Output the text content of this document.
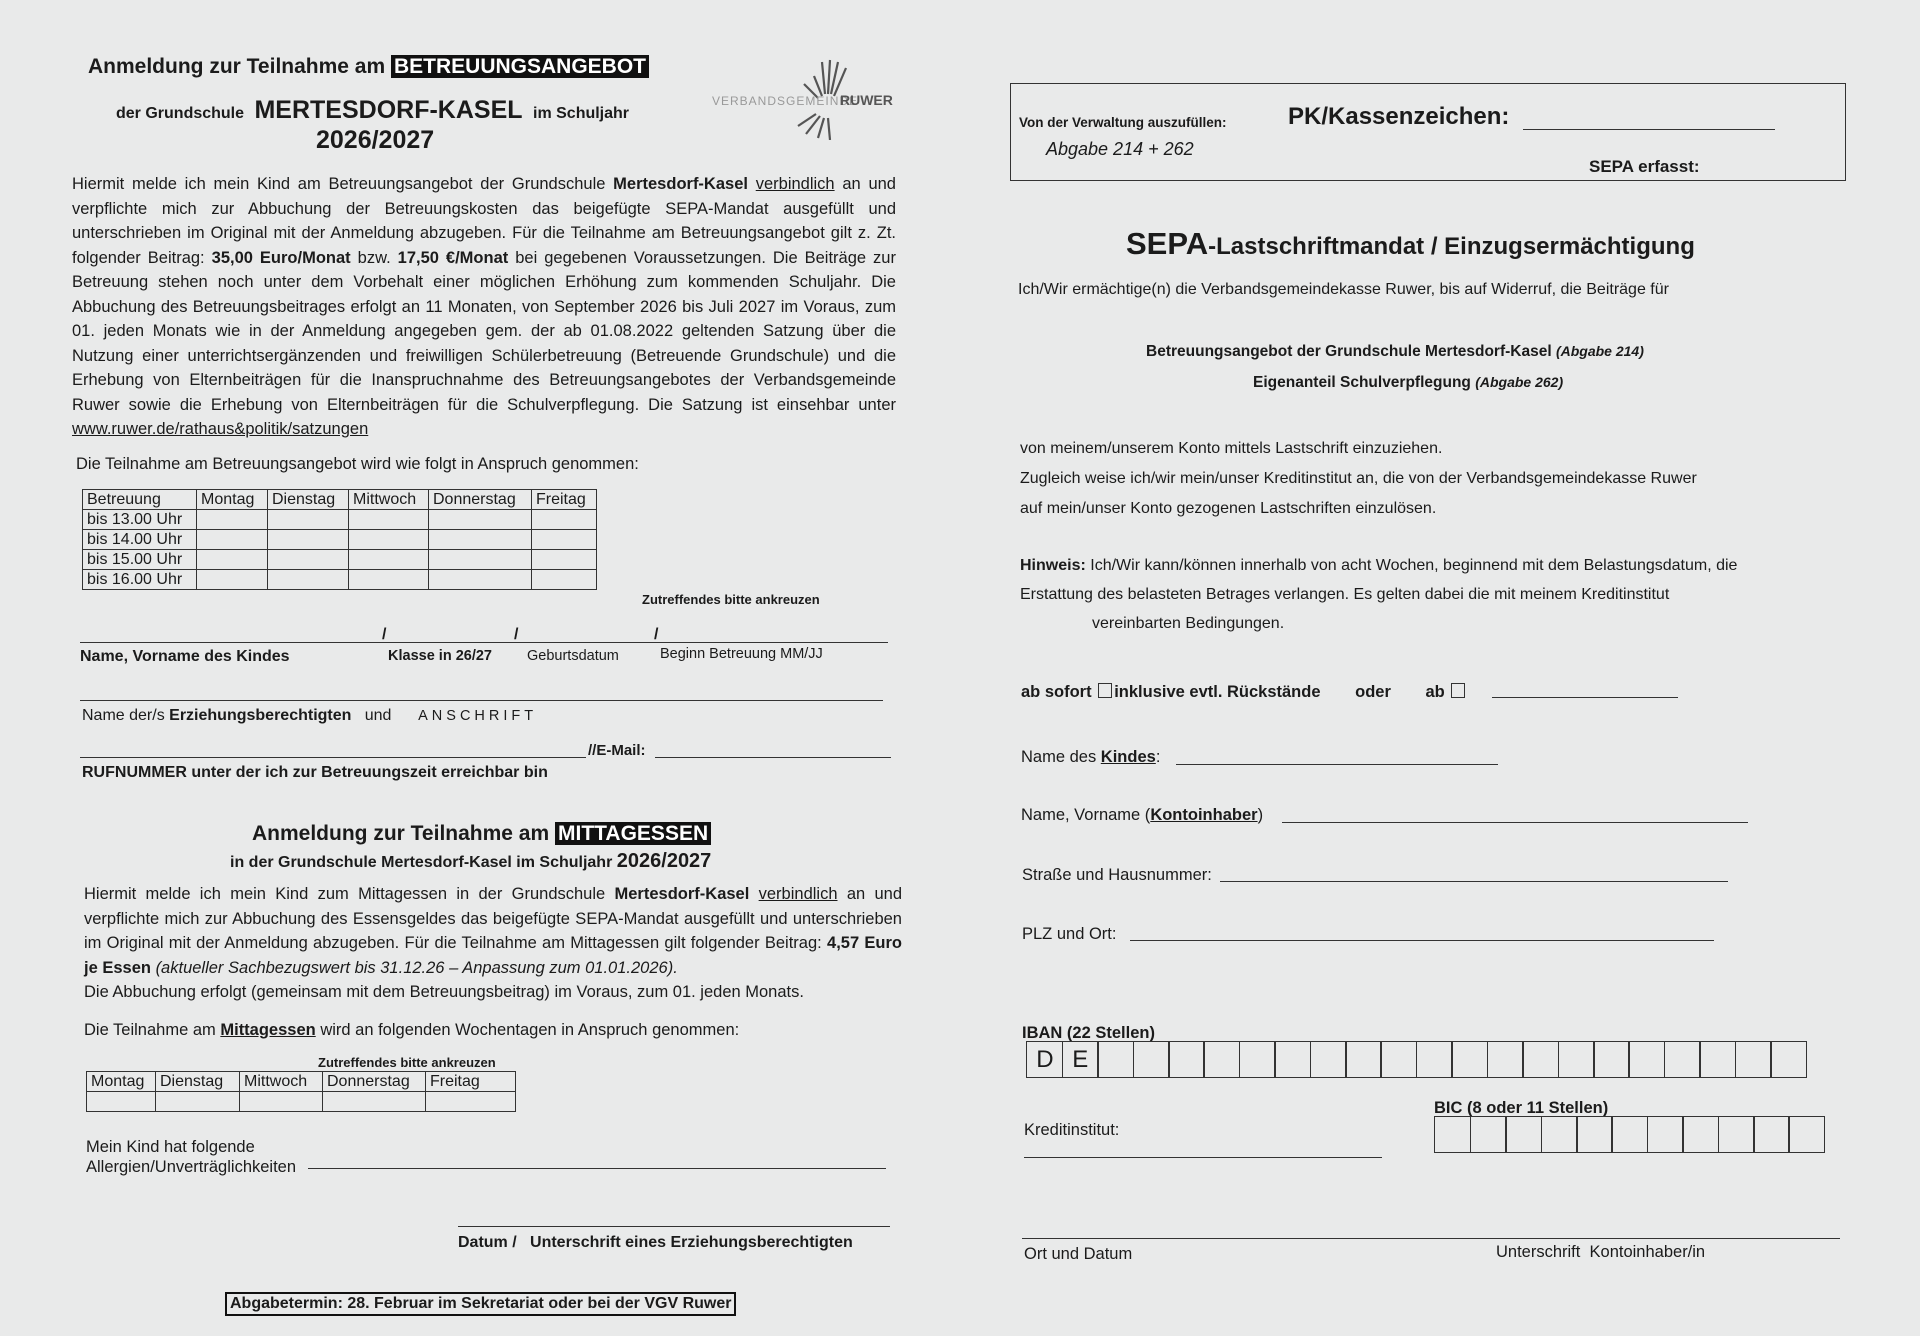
Anmeldung zur Teilnahme am BETREUUNGSANGEBOT
der Grundschule MERTESDORF-KASEL im Schuljahr
2026/2027
VERBANDSGEMEINDE
RUWER
Hiermit melde ich mein Kind am Betreuungsangebot der Grundschule Mertesdorf-Kasel verbindlich an und verpflichte mich zur Abbuchung der Betreuungskosten das beigefügte SEPA-Mandat ausgefüllt und unterschrieben im Original mit der Anmeldung abzugeben. Für die Teilnahme am Betreuungsangebot gilt z. Zt. folgender Beitrag: 35,00 Euro/Monat bzw. 17,50 €/Monat bei gegebenen Voraussetzungen. Die Beiträge zur Betreuung stehen noch unter dem Vorbehalt einer möglichen Erhöhung zum kommenden Schuljahr. Die Abbuchung des Betreuungsbeitrages erfolgt an 11 Monaten, von September 2026 bis Juli 2027 im Voraus, zum 01. jeden Monats wie in der Anmeldung angegeben gem. der ab 01.08.2022 geltenden Satzung über die Nutzung einer unterrichtsergänzenden und freiwilligen Schülerbetreuung (Betreuende Grundschule) und die Erhebung von Elternbeiträgen für die Inanspruchnahme des Betreuungsangebotes der Verbandsgemeinde Ruwer sowie die Erhebung von Elternbeiträgen für die Schulverpflegung. Die Satzung ist einsehbar unter www.ruwer.de/rathaus&politik/satzungen
Die Teilnahme am Betreuungsangebot wird wie folgt in Anspruch genommen:
Betreuung	Montag	Dienstag	Mittwoch	Donnerstag	Freitag
bis 13.00 Uhr					
bis 14.00 Uhr					
bis 15.00 Uhr					
bis 16.00 Uhr					
Zutreffendes bitte ankreuzen
/	/	/
Name, Vorname des Kindes	Klasse in 26/27 Geburtsdatum	Beginn Betreuung MM/JJ
Name der/s Erziehungsberechtigten und ANSCHRIFT
//E-Mail:
RUFNUMMER unter der ich zur Betreuungszeit erreichbar bin
Anmeldung zur Teilnahme am MITTAGESSEN
in der Grundschule Mertesdorf-Kasel im Schuljahr 2026/2027
Hiermit melde ich mein Kind zum Mittagessen in der Grundschule Mertesdorf-Kasel verbindlich an und verpflichte mich zur Abbuchung des Essensgeldes das beigefügte SEPA-Mandat ausgefüllt und unterschrieben im Original mit der Anmeldung abzugeben. Für die Teilnahme am Mittagessen gilt folgender Beitrag: 4,57 Euro je Essen (aktueller Sachbezugswert bis 31.12.26 – Anpassung zum 01.01.2026).
Die Abbuchung erfolgt (gemeinsam mit dem Betreuungsbeitrag) im Voraus, zum 01. jeden Monats.
Die Teilnahme am Mittagessen wird an folgenden Wochentagen in Anspruch genommen:
Zutreffendes bitte ankreuzen
Montag	Dienstag	Mittwoch	Donnerstag	Freitag

Mein Kind hat folgende
Allergien/Unverträglichkeiten
Datum / Unterschrift eines Erziehungsberechtigten
Abgabetermin: 28. Februar im Sekretariat oder bei der VGV Ruwer
Von der Verwaltung auszufüllen:
Abgabe 214 + 262
PK/Kassenzeichen:
SEPA erfasst:
SEPA-Lastschriftmandat / Einzugsermächtigung
Ich/Wir ermächtige(n) die Verbandsgemeindekasse Ruwer, bis auf Widerruf, die Beiträge für
Betreuungsangebot der Grundschule Mertesdorf-Kasel (Abgabe 214)
Eigenanteil Schulverpflegung (Abgabe 262)
von meinem/unserem Konto mittels Lastschrift einzuziehen.
Zugleich weise ich/wir mein/unser Kreditinstitut an, die von der Verbandsgemeindekasse Ruwer
auf mein/unser Konto gezogenen Lastschriften einzulösen.
Hinweis: Ich/Wir kann/können innerhalb von acht Wochen, beginnend mit dem Belastungsdatum, die
Erstattung des belasteten Betrages verlangen. Es gelten dabei die mit meinem Kreditinstitut
vereinbarten Bedingungen.
ab sofort inklusive evtl. Rückstände oder ab
Name des Kindes:
Name, Vorname (Kontoinhaber)
Straße und Hausnummer:
PLZ und Ort:
IBAN (22 Stellen)
D E
Kreditinstitut:
BIC (8 oder 11 Stellen)
Ort und Datum	Unterschrift  Kontoinhaber/in
